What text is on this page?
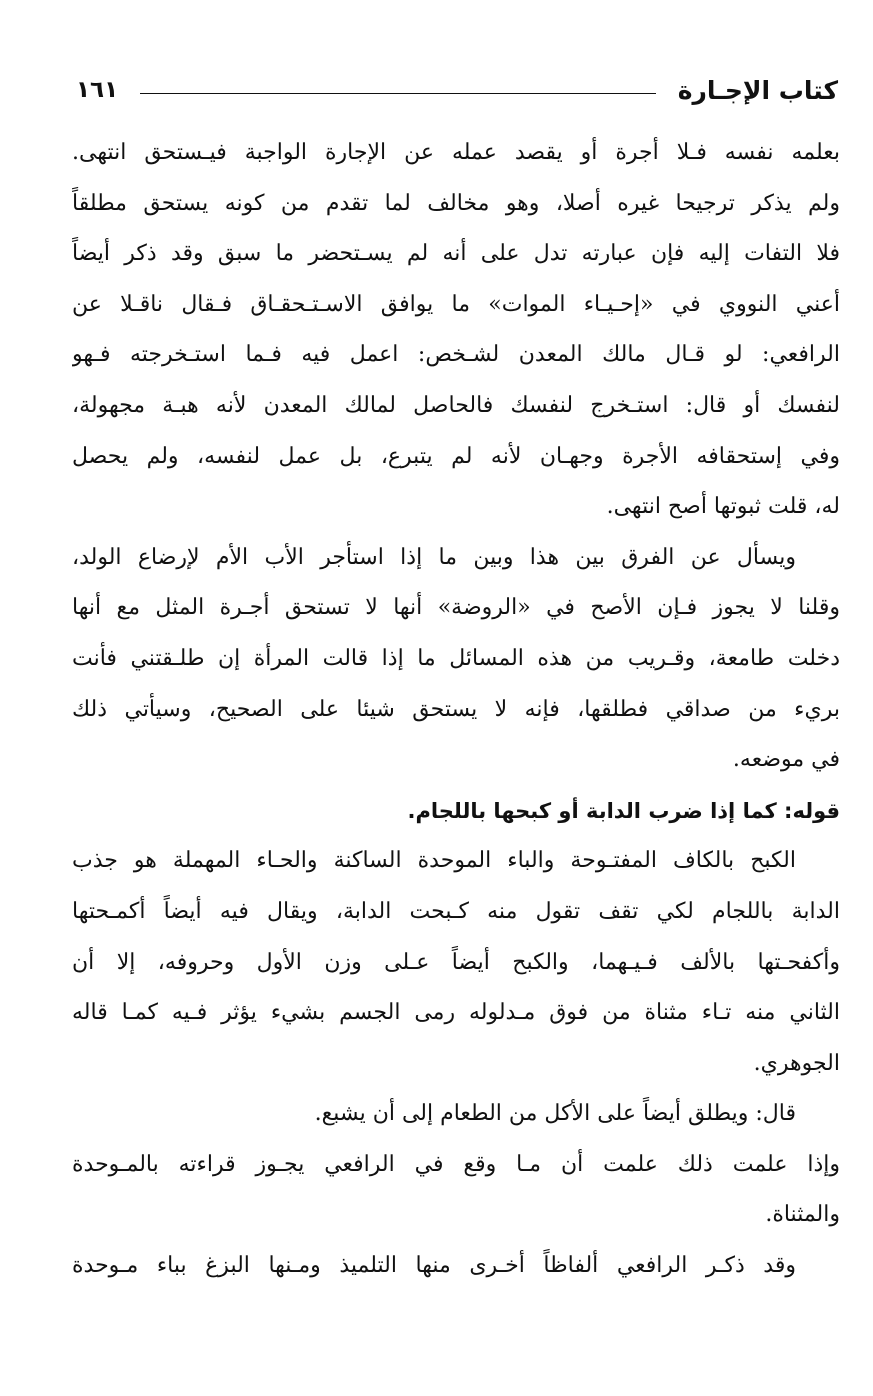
كتاب الإجـارة
١٦١
بعلمه نفسه فـلا أجرة أو يقصد عمله عن الإجارة الواجبة فيـستحق انتهى.
ولم يذكر ترجيحا غيره أصلا، وهو مخالف لما تقدم من كونه يستحق مطلقاً
فلا التفات إليه فإن عبارته تدل على أنه لم يسـتحضر ما سبق وقد ذكر أيضاً
أعني النووي في «إحـيـاء الموات» ما يوافق الاسـتـحقـاق فـقال ناقـلا عن
الرافعي: لو قـال مالك المعدن لشـخص: اعمل فيه فـما استـخرجته فـهو
لنفسك أو قال: استـخرج لنفسك فالحاصل لمالك المعدن لأنه هبـة مجهولة،
وفي إستحقافه الأجرة وجهـان لأنه لم يتبرع، بل عمل لنفسه، ولم يحصل
له، قلت ثبوتها أصح انتهى.
ويسأل عن الفرق بين هذا وبين ما إذا استأجر الأب الأم لإرضاع الولد،
وقلنا لا يجوز فـإن الأصح في «الروضة» أنها لا تستحق أجـرة المثل مع أنها
دخلت طامعة، وقـريب من هذه المسائل ما إذا قالت المرأة إن طلـقتني فأنت
بريء من صداقي فطلقها، فإنه لا يستحق شيئا على الصحيح، وسيأتي ذلك
في موضعه.
قوله: كما إذا ضرب الدابة أو كبحها باللجام.
الكبح بالكاف المفتـوحة والباء الموحدة الساكنة والحـاء المهملة هو جذب
الدابة باللجام لكي تقف تقول منه كـبحت الدابة، ويقال فيه أيضاً أكمـحتها
وأكفحـتها بالألف فـيـهما، والكبح أيضاً عـلى وزن الأول وحروفه، إلا أن
الثاني منه تـاء مثناة من فوق مـدلوله رمى الجسم بشيء يؤثر فـيه كمـا قاله
الجوهري.
قال: ويطلق أيضاً على الأكل من الطعام إلى أن يشبع.
وإذا علمت ذلك علمت أن مـا وقع في الرافعي يجـوز قراءته بالمـوحدة
والمثناة.
وقد ذكـر الرافعي ألفاظاً أخـرى منها التلميذ ومـنها البزغ بباء مـوحدة
